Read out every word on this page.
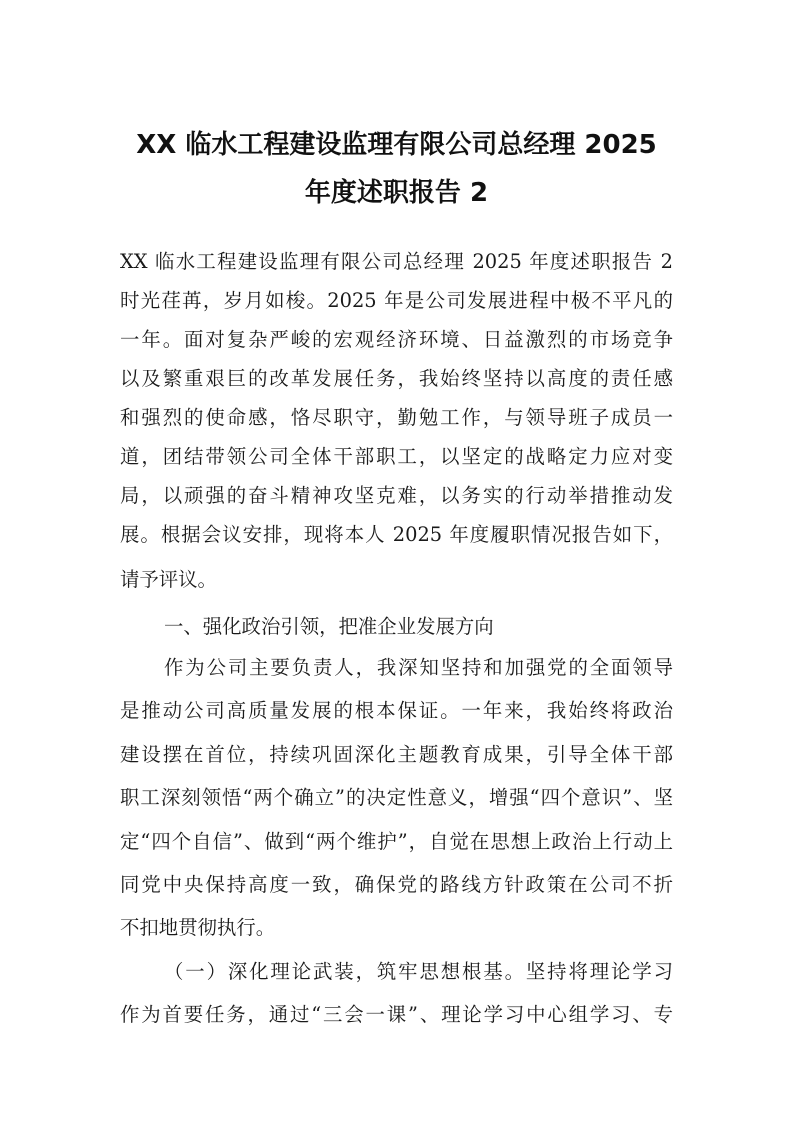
XX 临水工程建设监理有限公司总经理 2025
年度述职报告 2
XX 临水工程建设监理有限公司总经理 2025 年度述职报告 2
时光荏苒，岁月如梭。2025 年是公司发展进程中极不平凡的
一年。面对复杂严峻的宏观经济环境、日益激烈的市场竞争
以及繁重艰巨的改革发展任务，我始终坚持以高度的责任感
和强烈的使命感，恪尽职守，勤勉工作，与领导班子成员一
道，团结带领公司全体干部职工，以坚定的战略定力应对变
局，以顽强的奋斗精神攻坚克难，以务实的行动举措推动发
展。根据会议安排，现将本人 2025 年度履职情况报告如下，
请予评议。
一、强化政治引领，把准企业发展方向
作为公司主要负责人，我深知坚持和加强党的全面领导
是推动公司高质量发展的根本保证。一年来，我始终将政治
建设摆在首位，持续巩固深化主题教育成果，引导全体干部
职工深刻领悟“两个确立”的决定性意义，增强“四个意识”、坚
定“四个自信”、做到“两个维护”，自觉在思想上政治上行动上
同党中央保持高度一致，确保党的路线方针政策在公司不折
不扣地贯彻执行。
（一）深化理论武装，筑牢思想根基。坚持将理论学习
作为首要任务，通过“三会一课”、理论学习中心组学习、专
